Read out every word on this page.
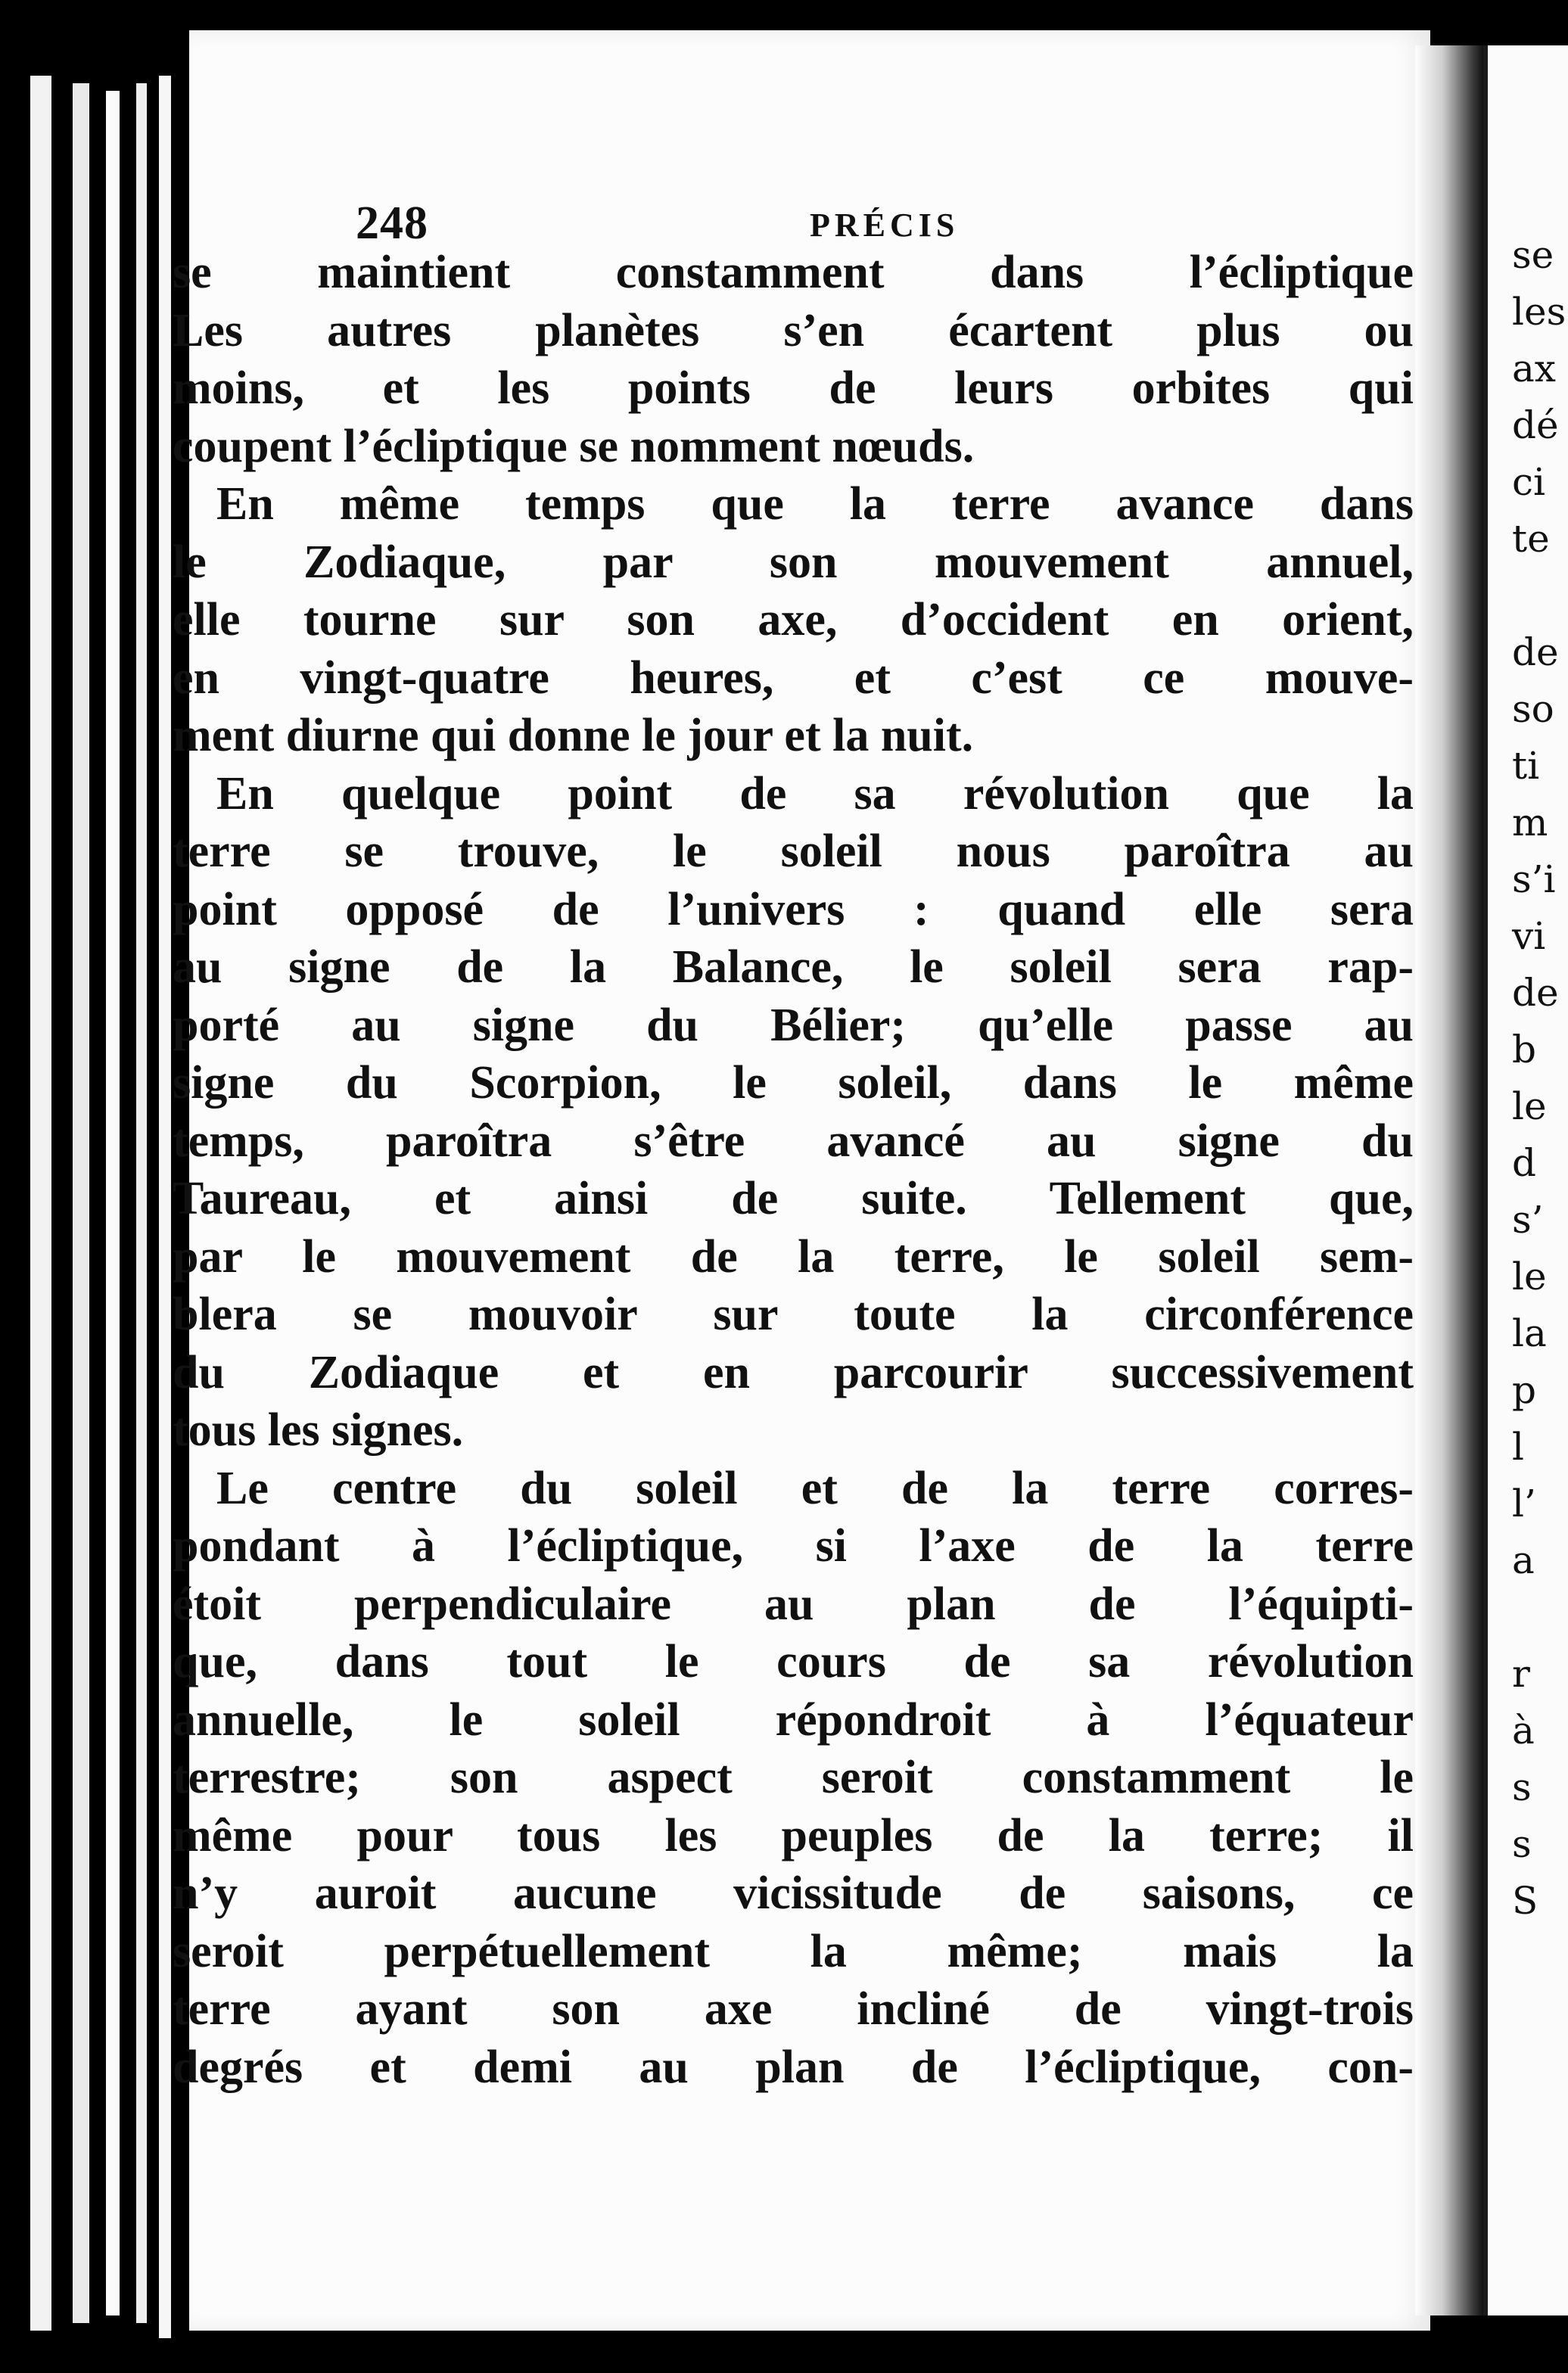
248	PRÉCIS
se maintient constamment dans l’écliptique
Les autres planètes s’en écartent plus ou
moins, et les points de leurs orbites qui
coupent l’écliptique se nomment nœuds.
En même temps que la terre avance dans
le Zodiaque, par son mouvement annuel,
elle tourne sur son axe, d’occident en orient,
en vingt-quatre heures, et c’est ce mouve-
ment diurne qui donne le jour et la nuit.
En quelque point de sa révolution que la
terre se trouve, le soleil nous paroîtra au
point opposé de l’univers : quand elle sera
au signe de la Balance, le soleil sera rap-
porté au signe du Bélier; qu’elle passe au
signe du Scorpion, le soleil, dans le même
temps, paroîtra s’être avancé au signe du
Taureau, et ainsi de suite. Tellement que,
par le mouvement de la terre, le soleil sem-
blera se mouvoir sur toute la circonférence
du Zodiaque et en parcourir successivement
tous les signes.
Le centre du soleil et de la terre corres-
pondant à l’écliptique, si l’axe de la terre
étoit perpendiculaire au plan de l’équipti-
que, dans tout le cours de sa révolution
annuelle, le soleil répondroit à l’équateur
terrestre; son aspect seroit constamment le
même pour tous les peuples de la terre; il
n’y auroit aucune vicissitude de saisons, ce
seroit perpétuellement la même; mais la
terre ayant son axe incliné de vingt-trois
degrés et demi au plan de l’écliptique, con-
se
les
ax
dé
ci
te

de
so
ti
m
s’i
vi
de
b
le
d
s’
le
la
p
l
l’
a

r
à
s
s
S
